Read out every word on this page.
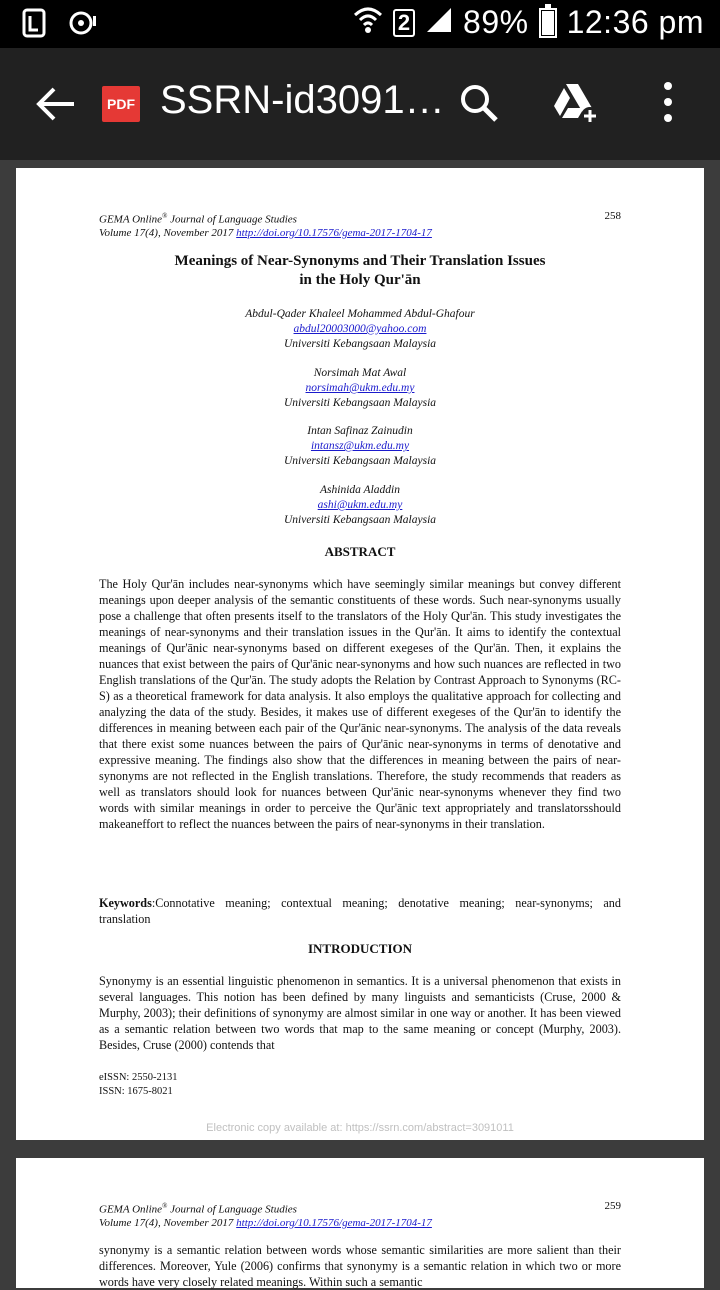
2 89% 12:36 pm
PDF SSRN-id3091…
GEMA Online® Journal of Language Studies
Volume 17(4), November 2017 http://doi.org/10.17576/gema-2017-1704-17
258
Meanings of Near-Synonyms and Their Translation Issues
in the Holy Qur'ān
Abdul-Qader Khaleel Mohammed Abdul-Ghafour
abdul20003000@yahoo.com
Universiti Kebangsaan Malaysia
Norsimah Mat Awal
norsimah@ukm.edu.my
Universiti Kebangsaan Malaysia
Intan Safinaz Zainudin
intansz@ukm.edu.my
Universiti Kebangsaan Malaysia
Ashinida Aladdin
ashi@ukm.edu.my
Universiti Kebangsaan Malaysia
ABSTRACT
The Holy Qur'ān includes near-synonyms which have seemingly similar meanings but convey different meanings upon deeper analysis of the semantic constituents of these words. Such near-synonyms usually pose a challenge that often presents itself to the translators of the Holy Qur'ān. This study investigates the meanings of near-synonyms and their translation issues in the Qur'ān. It aims to identify the contextual meanings of Qur'ānic near-synonyms based on different exegeses of the Qur'ān. Then, it explains the nuances that exist between the pairs of Qur'ānic near-synonyms and how such nuances are reflected in two English translations of the Qur'ān. The study adopts the Relation by Contrast Approach to Synonyms (RC-S) as a theoretical framework for data analysis. It also employs the qualitative approach for collecting and analyzing the data of the study. Besides, it makes use of different exegeses of the Qur'ān to identify the differences in meaning between each pair of the Qur'ānic near-synonyms. The analysis of the data reveals that there exist some nuances between the pairs of Qur'ānic near-synonyms in terms of denotative and expressive meaning. The findings also show that the differences in meaning between the pairs of near-synonyms are not reflected in the English translations. Therefore, the study recommends that readers as well as translators should look for nuances between Qur'ānic near-synonyms whenever they find two words with similar meanings in order to perceive the Qur'ānic text appropriately and translatorsshould makeaneffort to reflect the nuances between the pairs of near-synonyms in their translation.
Keywords:Connotative meaning; contextual meaning; denotative meaning; near-synonyms; and translation
INTRODUCTION
Synonymy is an essential linguistic phenomenon in semantics. It is a universal phenomenon that exists in several languages. This notion has been defined by many linguists and semanticists (Cruse, 2000 & Murphy, 2003); their definitions of synonymy are almost similar in one way or another. It has been viewed as a semantic relation between two words that map to the same meaning or concept (Murphy, 2003). Besides, Cruse (2000) contends that
eISSN: 2550-2131
ISSN: 1675-8021
Electronic copy available at: https://ssrn.com/abstract=3091011
GEMA Online® Journal of Language Studies
Volume 17(4), November 2017 http://doi.org/10.17576/gema-2017-1704-17
259
synonymy is a semantic relation between words whose semantic similarities are more salient than their differences. Moreover, Yule (2006) confirms that synonymy is a semantic relation in which two or more words have very closely related meanings. Within such a semantic
